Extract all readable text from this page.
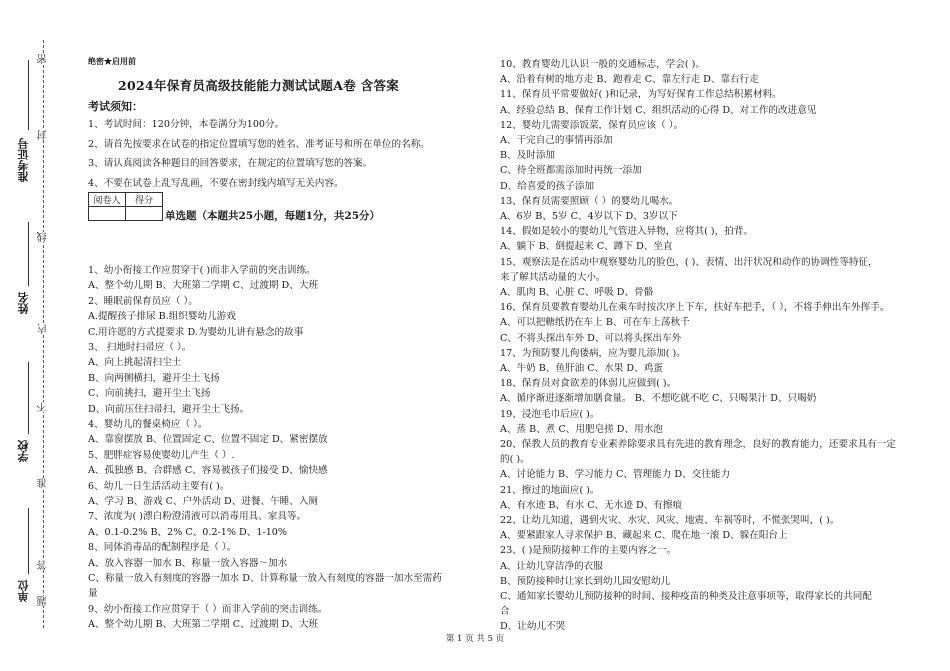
密
封
线
内
不
准
答
题
准考证号
姓名
学校
单位
绝密★启用前
2024年保育员高级技能能力测试试题A卷 含答案
考试须知：
1、考试时间：120分钟，本卷满分为100分。
2、请首先按要求在试卷的指定位置填写您的姓名、准考证号和所在单位的名称。
3、请认真阅读各种题目的回答要求，在规定的位置填写您的答案。
4、不要在试卷上乱写乱画，不要在密封线内填写无关内容。
阅卷人	得分

单选题（本题共25小题，每题1分，共25分）
1、幼小衔接工作应贯穿于( )而非入学前的突击训练。
A、整个幼儿期 B、大班第二学期 C、过渡期 D、大班
2、睡眠前保育员应（ ）。
A.提醒孩子排尿 B.组织婴幼儿游戏
C.用许愿的方式提要求 D.为婴幼儿讲有悬念的故事
3、 扫地时扫帚应（ ）。
A、向上挑起清扫尘土
B、向两侧横扫，避开尘土飞扬
C、向前挑扫，避开尘土飞扬
D、向前压住扫帚扫，避开尘土飞扬。
4、婴幼儿的餐桌椅应（ ）。
A、靠窗摆放 B、位置固定 C、位置不固定 D、紧密摆放
5、肥胖症容易使婴幼儿产生（ ）.
A、孤独感 B、合群感 C、容易被孩子们接受 D、愉快感
6、幼儿一日生活活动主要有( )。
A、学习 B、游戏 C、户外活动 D、进餐、午睡、入厕
7、浓度为( )漂白粉澄清液可以消毒用具、家具等。
A、0.1-0.2% B、2% C、0.2-1% D、1-10%
8、同体消毒品的配制程序是（ ）。
A、放入容器一加水 B、称量一放入容器～加水
C、称量一放入有刻度的容器一加水 D、计算称量一放入有刻度的容器一加水至需药
量
9、幼小衔接工作应贯穿于（ ）而非入学前的突击训练。
A、整个幼儿期 B、大班第二学期 C、过渡期 D、大班
10、教育婴幼儿认识一般的交通标志，学会( )。
A、沿着有树的地方走 B、跑着走 C、靠左行走 D、靠右行走
11、保育员平常要做好( )和记录，为写好保育工作总结积累材料。
A、经验总结 B、保育工作计划 C、组织活动的心得 D、对工作的改进意见
12、婴幼儿需要添饭菜，保育员应该（ ）。
A、干完自己的事情再添加
B、及时添加
C、待全班都需添加时再统一添加
D、给喜爱的孩子添加
13、保育员需要照顾（ ）的婴幼儿喝水。
A、6岁 B、5岁 C、4岁以下 D、3岁以下
14、假如是较小的婴幼儿气管进入异物，应将其( )，拍背。
A、躺下 B、倒提起来 C、蹲下 D、坐直
15、观察法是在活动中观察婴幼儿的脸色、( )、表情、出汗状况和动作的协调性等特征，
来了解其活动量的大小。
A、肌肉 B、心脏 C、呼吸 D、骨骼
16、保育员要教育婴幼儿在乘车时按次序上下车，扶好车把手，（ ），不将手伸出车外挥手。
A、可以把糖纸扔在车上 B、可在车上荡秋千
C、不将头探出车外 D、可以将头探出车外
17、为预防婴儿佝偻病，应为婴儿添加( )。
A、牛奶 B、鱼肝油 C、水果 D、鸡蛋
18、保育员对食欲差的体弱儿应做到( )。
A、循序渐进逐渐增加膳食量。 B、不想吃就不吃 C、只喝果汁 D、只喝奶
19、浸泡毛巾后应( )。
A、蒸 B、煮 C、用肥皂搓 D、用水泡
20、保教人员的教育专业素养除要求具有先进的教育理念，良好的教育能力，还要求具有一定
的( )。
A、讨论能力 B、学习能力 C、管理能力 D、交往能力
21、擦过的地面应( )。
A、有水迹 B、有水 C、无水迹 D、有擦痕
22、让幼儿知道，遇到火灾、水灾、风灾、地震、车祸等时，不慌张哭叫，( )。
A、要紧跟家人寻求保护 B、藏起来 C、爬在地一滚 D、躲在阳台上
23、( )是预防接种工作的主要内容之一。
A、让幼儿穿洁净的衣服
B、预防接种时让家长到幼儿园安慰幼儿
C、通知家长婴幼儿预防接种的时间、接种疫苗的种类及注意事项等，取得家长的共同配
合
D、让幼儿不哭
第 1 页 共 5 页
